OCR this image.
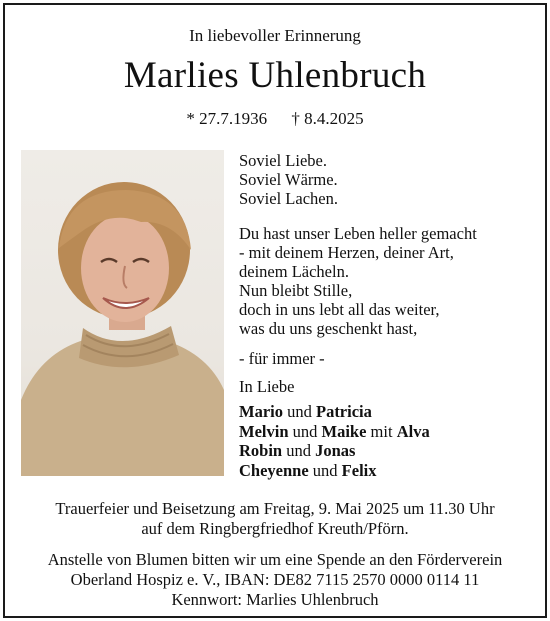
In liebevoller Erinnerung
Marlies Uhlenbruch
* 27.7.1936 † 8.4.2025
Soviel Liebe.
Soviel Wärme.
Soviel Lachen.
Du hast unser Leben heller gemacht
- mit deinem Herzen, deiner Art,
deinem Lächeln.
Nun bleibt Stille,
doch in uns lebt all das weiter,
was du uns geschenkt hast,
- für immer -
In Liebe
Mario und Patricia
Melvin und Maike mit Alva
Robin und Jonas
Cheyenne und Felix
Trauerfeier und Beisetzung am Freitag, 9. Mai 2025 um 11.30 Uhr
auf dem Ringbergfriedhof Kreuth/Pförn.
Anstelle von Blumen bitten wir um eine Spende an den Förderverein
Oberland Hospiz e. V., IBAN: DE82 7115 2570 0000 0114 11
Kennwort: Marlies Uhlenbruch
